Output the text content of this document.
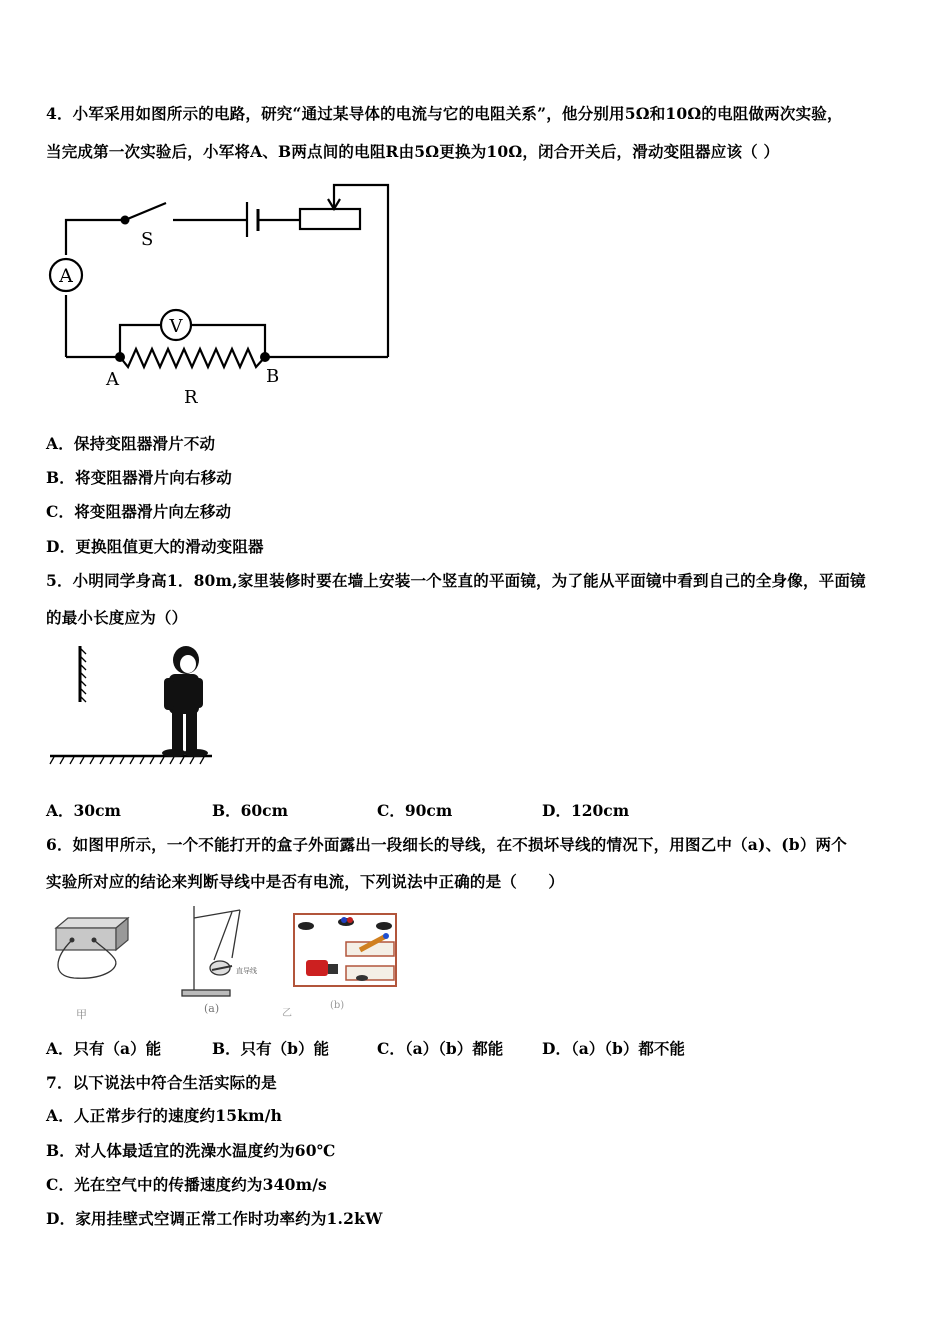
4．小军采用如图所示的电路，研究“通过某导体的电流与它的电阻关系”，他分别用5Ω和10Ω的电阻做两次实验，
当完成第一次实验后，小军将A、B两点间的电阻R由5Ω更换为10Ω，闭合开关后，滑动变阻器应该（ ）
A
V
S
A	B
R
A．保持变阻器滑片不动
B．将变阻器滑片向右移动
C．将变阻器滑片向左移动
D．更换阻值更大的滑动变阻器
5．小明同学身高1．80m,家里装修时要在墙上安装一个竖直的平面镜，为了能从平面镜中看到自己的全身像，平面镜
的最小长度应为（）
A．30cm	B．60cm	C．90cm	D．120cm
6．如图甲所示，一个不能打开的盒子外面露出一段细长的导线，在不损坏导线的情况下，用图乙中（a)、(b）两个
实验所对应的结论来判断导线中是否有电流，下列说法中正确的是（　　）
甲
直导线
(a)	乙
(b)
A．只有（a）能	B．只有（b）能	C．（a）（b）都能	D．（a）（b）都不能
7．以下说法中符合生活实际的是
A．人正常步行的速度约15km/h
B．对人体最适宜的洗澡水温度约为60℃
C．光在空气中的传播速度约为340m/s
D．家用挂壁式空调正常工作时功率约为1.2kW
